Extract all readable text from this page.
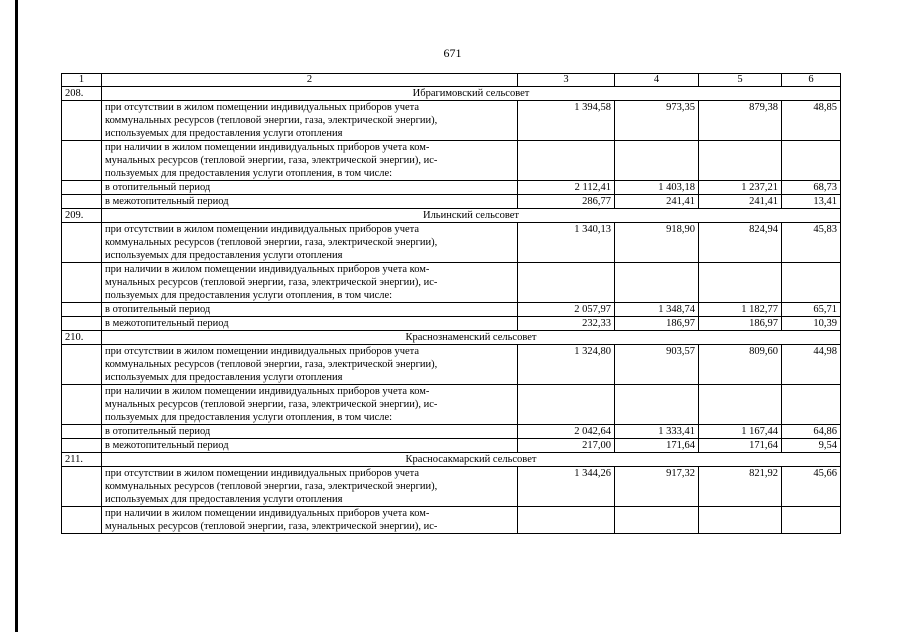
671
1	2	3	4	5	6
208.	Ибрагимовский сельсовет				
	при отсутствии в жилом помещении индивидуальных приборов учета
коммунальных ресурсов (тепловой энергии, газа, электрической энергии),
используемых для предоставления услуги отопления	1 394,58	973,35	879,38	48,85
	при наличии в жилом помещении индивидуальных приборов учета ком-
мунальных ресурсов (тепловой энергии, газа, электрической энергии), ис-
пользуемых для предоставления услуги отопления, в том числе:				
	в отопительный период	2 112,41	1 403,18	1 237,21	68,73
	в межотопительный период	286,77	241,41	241,41	13,41
209.	Ильинский сельсовет				
	при отсутствии в жилом помещении индивидуальных приборов учета
коммунальных ресурсов (тепловой энергии, газа, электрической энергии),
используемых для предоставления услуги отопления	1 340,13	918,90	824,94	45,83
	при наличии в жилом помещении индивидуальных приборов учета ком-
мунальных ресурсов (тепловой энергии, газа, электрической энергии), ис-
пользуемых для предоставления услуги отопления, в том числе:				
	в отопительный период	2 057,97	1 348,74	1 182,77	65,71
	в межотопительный период	232,33	186,97	186,97	10,39
210.	Краснознаменский сельсовет				
	при отсутствии в жилом помещении индивидуальных приборов учета
коммунальных ресурсов (тепловой энергии, газа, электрической энергии),
используемых для предоставления услуги отопления	1 324,80	903,57	809,60	44,98
	при наличии в жилом помещении индивидуальных приборов учета ком-
мунальных ресурсов (тепловой энергии, газа, электрической энергии), ис-
пользуемых для предоставления услуги отопления, в том числе:				
	в отопительный период	2 042,64	1 333,41	1 167,44	64,86
	в межотопительный период	217,00	171,64	171,64	9,54
211.	Красносакмарский сельсовет				
	при отсутствии в жилом помещении индивидуальных приборов учета
коммунальных ресурсов (тепловой энергии, газа, электрической энергии),
используемых для предоставления услуги отопления	1 344,26	917,32	821,92	45,66
	при наличии в жилом помещении индивидуальных приборов учета ком-
мунальных ресурсов (тепловой энергии, газа, электрической энергии), ис-				
